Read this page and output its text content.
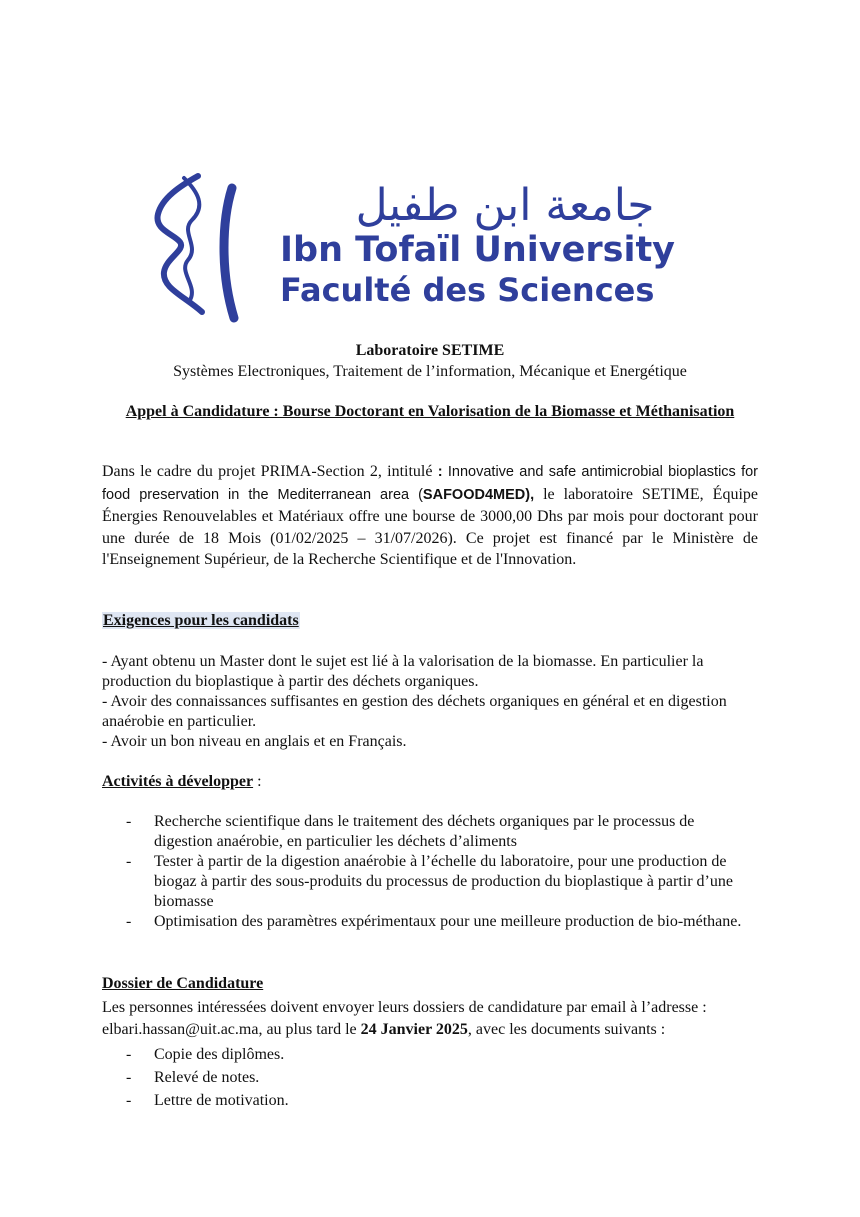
جامعة ابن طفيل
Ibn Tofaïl University
Faculté des Sciences
Laboratoire SETIME
Systèmes Electroniques, Traitement de l’information, Mécanique et Energétique
Appel à Candidature : Bourse Doctorant en Valorisation de la Biomasse et Méthanisation
Dans le cadre du projet PRIMA-Section 2, intitulé : Innovative and safe antimicrobial bioplastics for food preservation in the Mediterranean area (SAFOOD4MED), le laboratoire SETIME, Équipe Énergies Renouvelables et Matériaux offre une bourse de 3000,00 Dhs par mois pour doctorant pour une durée de 18 Mois (01/02/2025 – 31/07/2026). Ce projet est financé par le Ministère de l'Enseignement Supérieur, de la Recherche Scientifique et de l'Innovation.
Exigences pour les candidats
- Ayant obtenu un Master dont le sujet est lié à la valorisation de la biomasse. En particulier la production du bioplastique à partir des déchets organiques.
- Avoir des connaissances suffisantes en gestion des déchets organiques en général et en digestion anaérobie en particulier.
- Avoir un bon niveau en anglais et en Français.
Activités à développer :
- Recherche scientifique dans le traitement des déchets organiques par le processus de digestion anaérobie, en particulier les déchets d’aliments
- Tester à partir de la digestion anaérobie à l’échelle du laboratoire, pour une production de biogaz à partir des sous-produits du processus de production du bioplastique à partir d’une biomasse
- Optimisation des paramètres expérimentaux pour une meilleure production de bio-méthane.
Dossier de Candidature
Les personnes intéressées doivent envoyer leurs dossiers de candidature par email à l’adresse :
elbari.hassan@uit.ac.ma, au plus tard le 24 Janvier 2025, avec les documents suivants :
- Copie des diplômes.
- Relevé de notes.
- Lettre de motivation.
